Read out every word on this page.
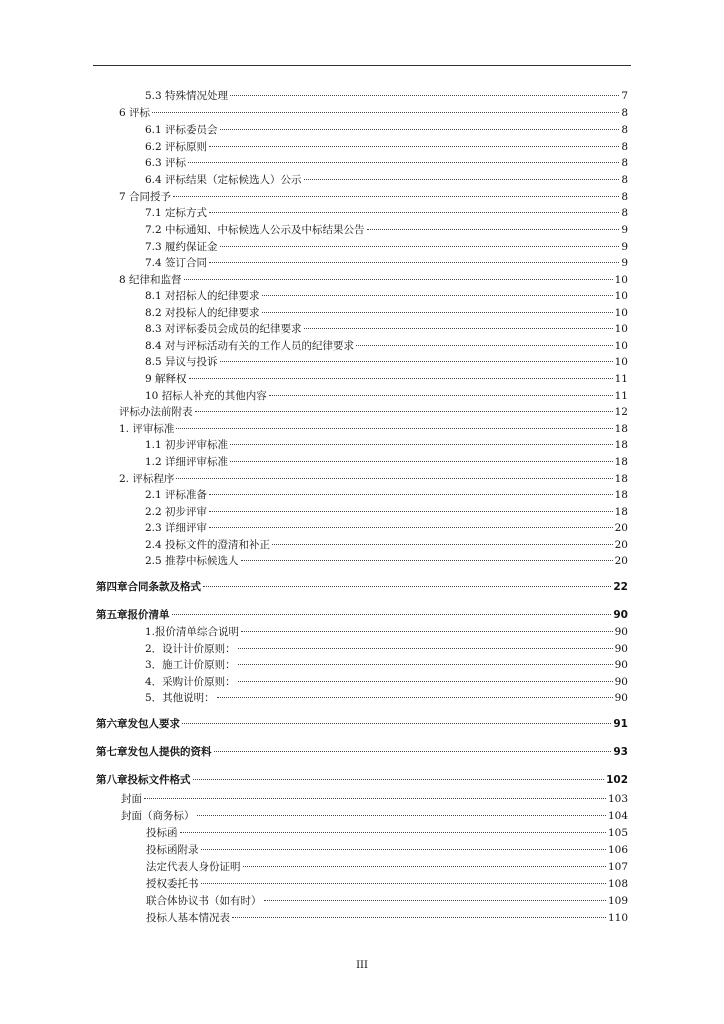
5.3 特殊情况处理	7
6 评标	8
6.1 评标委员会	8
6.2 评标原则	8
6.3 评标	8
6.4 评标结果（定标候选人）公示	8
7 合同授予	8
7.1 定标方式	8
7.2 中标通知、中标候选人公示及中标结果公告	9
7.3 履约保证金	9
7.4 签订合同	9
8 纪律和监督	10
8.1 对招标人的纪律要求	10
8.2 对投标人的纪律要求	10
8.3 对评标委员会成员的纪律要求	10
8.4 对与评标活动有关的工作人员的纪律要求	10
8.5 异议与投诉	10
9 解释权	11
10 招标人补充的其他内容	11
评标办法前附表	12
1. 评审标准	18
1.1 初步评审标准	18
1.2 详细评审标准	18
2. 评标程序	18
2.1 评标准备	18
2.2 初步评审	18
2.3 详细评审	20
2.4 投标文件的澄清和补正	20
2.5 推荐中标候选人	20
第四章合同条款及格式	22
第五章报价清单	90
1.报价清单综合说明	90
2．设计计价原则：	90
3．施工计价原则：	90
4．采购计价原则：	90
5．其他说明：	90
第六章发包人要求	91
第七章发包人提供的资料	93
第八章投标文件格式	102
封面	103
封面（商务标）	104
投标函	105
投标函附录	106
法定代表人身份证明	107
授权委托书	108
联合体协议书（如有时）	109
投标人基本情况表	110
III
